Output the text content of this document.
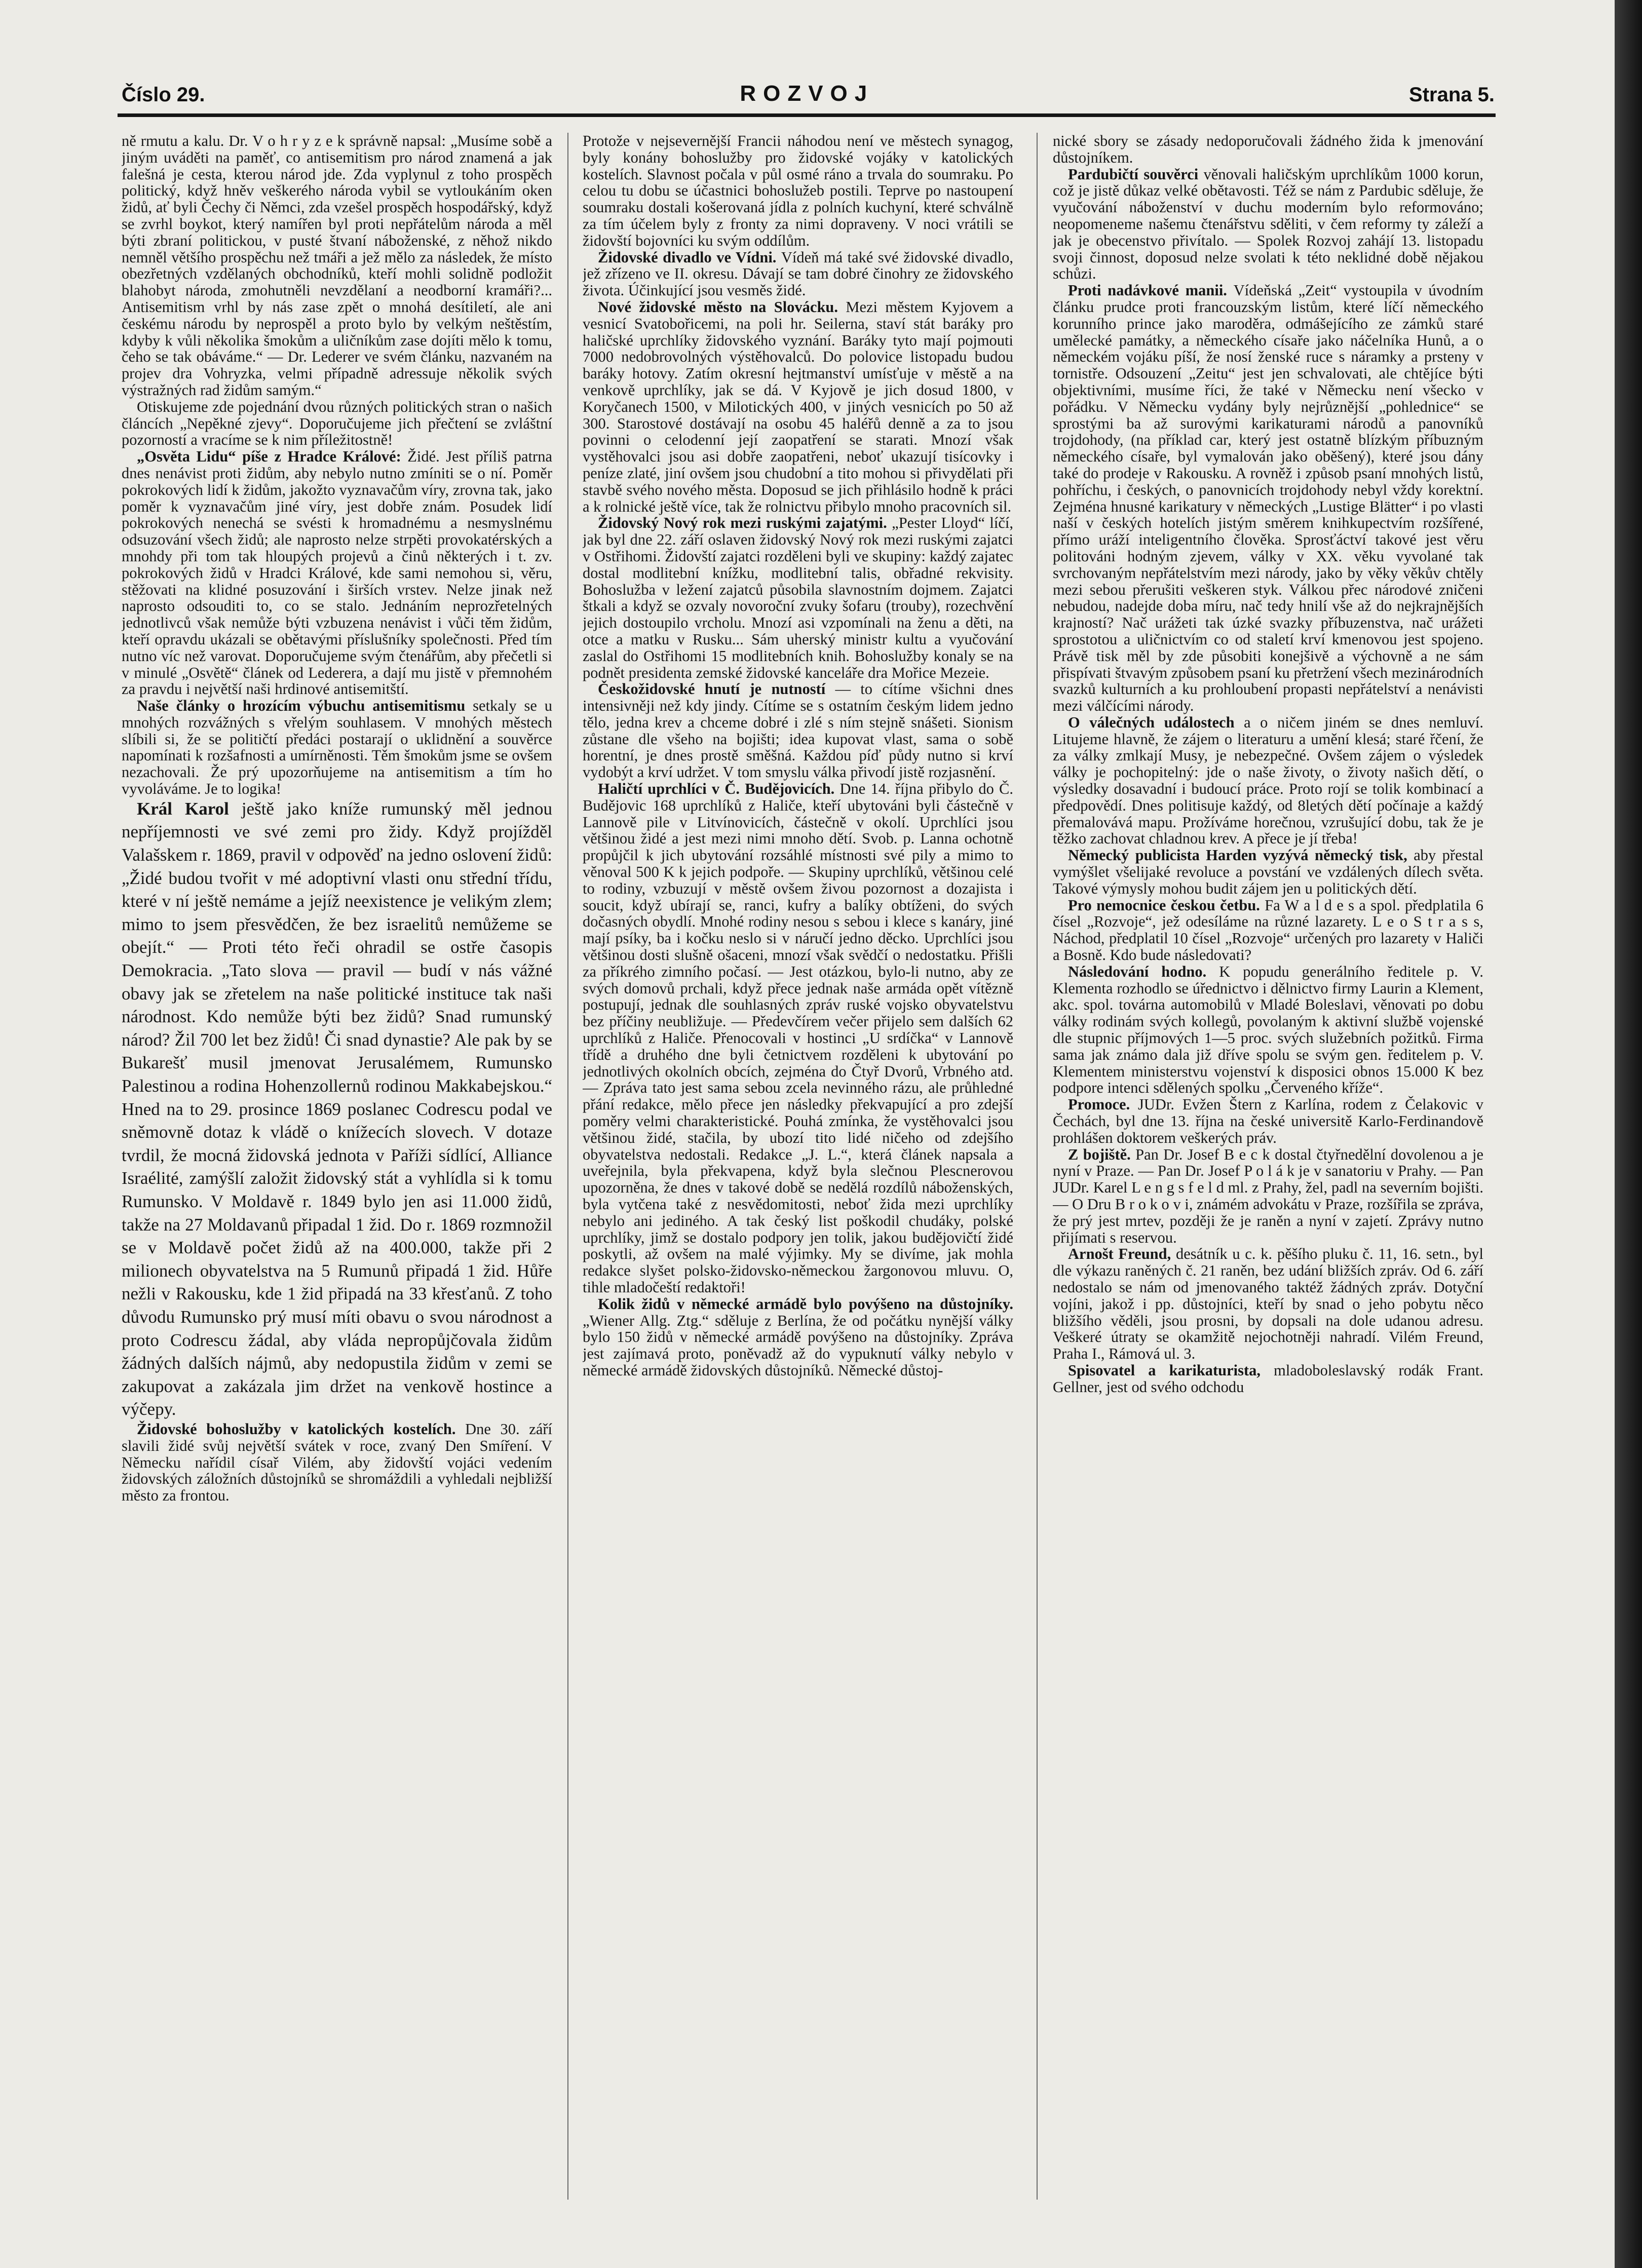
Číslo 29.	ROZVOJ	Strana 5.

ně rmutu a kalu. Dr. V o h r y z e k správně napsal: „Musíme sobě a jiným uváděti na paměť, co antisemitism pro národ znamená a jak falešná je cesta, kterou národ jde. Zda vyplynul z toho prospěch politický, když hněv veškerého národa vybil se vytloukáním oken židů, ať byli Čechy či Němci, zda vzešel prospěch hospodářský, když se zvrhl boykot, který namířen byl proti nepřátelům národa a měl býti zbraní politickou, v pusté štvaní náboženské, z něhož nikdo nemněl většího prospěchu než tmáři a jež mělo za následek, že místo obezřetných vzdělaných obchodníků, kteří mohli solidně podložit blahobyt národa, zmohutněli nevzdělaní a neodborní kramáři?... Antisemitism vrhl by nás zase zpět o mnohá desítiletí, ale ani českému národu by neprospěl a proto bylo by velkým neštěstím, kdyby k vůli několika šmokům a uličníkům zase dojíti mělo k tomu, čeho se tak obáváme.“ — Dr. Lederer ve svém článku, nazvaném na projev dra Vohryzka, velmi případně adressuje několik svých výstražných rad židům samým.“

Otiskujeme zde pojednání dvou různých politických stran o našich článcích „Nepěkné zjevy“. Doporučujeme jich přečtení se zvláštní pozorností a vracíme se k nim příležitostně!

„Osvěta Lidu“ píše z Hradce Králové: Židé. Jest příliš patrna dnes nenávist proti židům, aby nebylo nutno zmíniti se o ní. Poměr pokrokových lidí k židům, jakožto vyznavačům víry, zrovna tak, jako poměr k vyznavačům jiné víry, jest dobře znám. Posudek lidí pokrokových nenechá se svésti k hromadnému a nesmyslnému odsuzování všech židů; ale naprosto nelze strpěti provokatérských a mnohdy při tom tak hloupých projevů a činů některých i t. zv. pokrokových židů v Hradci Králové, kde sami nemohou si, věru, stěžovati na klidné posuzování i širších vrstev. Nelze jinak než naprosto odsouditi to, co se stalo. Jednáním neprozřetelných jednotlivců však nemůže býti vzbuzena nenávist i vůči těm židům, kteří opravdu ukázali se obětavými příslušníky společnosti. Před tím nutno víc než varovat. Doporučujeme svým čtenářům, aby přečetli si v minulé „Osvětě“ článek od Lederera, a dají mu jistě v přemnohém za pravdu i největší naši hrdinové antisemitští.

Naše články o hrozícím výbuchu antisemitismu setkaly se u mnohých rozvážných s vřelým souhlasem. V mnohých městech slíbili si, že se političtí předáci postarají o uklidnění a souvěrce napomínati k rozšafnosti a umírněnosti. Těm šmokům jsme se ovšem nezachovali. Že prý upozorňujeme na antisemitism a tím ho vyvoláváme. Je to logika!

Král Karol ještě jako kníže rumunský měl jednou nepříjemnosti ve své zemi pro židy. Když projížděl Valašskem r. 1869, pravil v odpověď na jedno oslovení židů: „Židé budou tvořit v mé adoptivní vlasti onu střední třídu, které v ní ještě nemáme a jejíž neexistence je velikým zlem; mimo to jsem přesvědčen, že bez israelitů nemůžeme se obejít.“ — Proti této řeči ohradil se ostře časopis Demokracia. „Tato slova — pravil — budí v nás vážné obavy jak se zřetelem na naše politické instituce tak naši národnost. Kdo nemůže býti bez židů? Snad rumunský národ? Žil 700 let bez židů! Či snad dynastie? Ale pak by se Bukarešť musil jmenovat Jerusalémem, Rumunsko Palestinou a rodina Hohenzollernů rodinou Makkabejskou.“ Hned na to 29. prosince 1869 poslanec Codrescu podal ve sněmovně dotaz k vládě o knížecích slovech. V dotaze tvrdil, že mocná židovská jednota v Paříži sídlící, Alliance Israélité, zamýšlí založit židovský stát a vyhlídla si k tomu Rumunsko. V Moldavě r. 1849 bylo jen asi 11.000 židů, takže na 27 Moldavanů připadal 1 žid. Do r. 1869 rozmnožil se v Moldavě počet židů až na 400.000, takže při 2 milionech obyvatelstva na 5 Rumunů připadá 1 žid. Hůře nežli v Rakousku, kde 1 žid připadá na 33 křesťanů. Z toho důvodu Rumunsko prý musí míti obavu o svou národnost a proto Codrescu žádal, aby vláda nepropůjčovala židům žádných dalších nájmů, aby nedopustila židům v zemi se zakupovat a zakázala jim držet na venkově hostince a výčepy.

Židovské bohoslužby v katolických kostelích. Dne 30. září slavili židé svůj největší svátek v roce, zvaný Den Smíření. V Německu nařídil císař Vilém, aby židovští vojáci vedením židovských záložních důstojníků se shromáždili a vyhledali nejbližší město za frontou.

Protože v nejsevernější Francii náhodou není ve městech synagog, byly konány bohoslužby pro židovské vojáky v katolických kostelích. Slavnost počala v půl osmé ráno a trvala do soumraku. Po celou tu dobu se účastnici bohoslužeb postili. Teprve po nastoupení soumraku dostali košerovaná jídla z polních kuchyní, které schválně za tím účelem byly z fronty za nimi dopraveny. V noci vrátili se židovští bojovníci ku svým oddílům.

Židovské divadlo ve Vídni. Vídeň má také své židovské divadlo, jež zřízeno ve II. okresu. Dávají se tam dobré činohry ze židovského života. Účinkující jsou vesměs židé.

Nové židovské město na Slovácku. Mezi městem Kyjovem a vesnicí Svatobořicemi, na poli hr. Seilerna, staví stát baráky pro haličské uprchlíky židovského vyznání. Baráky tyto mají pojmouti 7000 nedobrovolných výstěhovalců. Do polovice listopadu budou baráky hotovy. Zatím okresní hejtmanství umísťuje v městě a na venkově uprchlíky, jak se dá. V Kyjově je jich dosud 1800, v Koryčanech 1500, v Milotických 400, v jiných vesnicích po 50 až 300. Starostové dostávají na osobu 45 haléřů denně a za to jsou povinni o celodenní její zaopatření se starati. Mnozí však vystěhovalci jsou asi dobře zaopatřeni, neboť ukazují tisícovky i peníze zlaté, jiní ovšem jsou chudobní a tito mohou si přivydělati při stavbě svého nového města. Doposud se jich přihlásilo hodně k práci a k rolnické ještě více, tak že rolnictvu přibylo mnoho pracovních sil.

Židovský Nový rok mezi ruskými zajatými. „Pester Lloyd“ líčí, jak byl dne 22. září oslaven židovský Nový rok mezi ruskými zajatci v Ostřihomi. Židovští zajatci rozděleni byli ve skupiny: každý zajatec dostal modlitební knížku, modlitební talis, obřadné rekvisity. Bohoslužba v ležení zajatců působila slavnostním dojmem. Zajatci štkali a když se ozvaly novoroční zvuky šofaru (trouby), rozechvění jejich dostoupilo vrcholu. Mnozí asi vzpomínali na ženu a děti, na otce a matku v Rusku... Sám uherský ministr kultu a vyučování zaslal do Ostřihomi 15 modlitebních knih. Bohoslužby konaly se na podnět presidenta zemské židovské kanceláře dra Mořice Mezeie.

Českožidovské hnutí je nutností — to cítíme všichni dnes intensivněji než kdy jindy. Cítíme se s ostatním českým lidem jedno tělo, jedna krev a chceme dobré i zlé s ním stejně snášeti. Sionism zůstane dle všeho na bojišti; idea kupovat vlast, sama o sobě horentní, je dnes prostě směšná. Každou píď půdy nutno si krví vydobýt a krví udržet. V tom smyslu válka přivodí jistě rozjasnění.

Haličtí uprchlíci v Č. Budějovicích. Dne 14. října přibylo do Č. Budějovic 168 uprchlíků z Haliče, kteří ubytováni byli částečně v Lannově pile v Litvínovicích, částečně v okolí. Uprchlíci jsou většinou židé a jest mezi nimi mnoho dětí. Svob. p. Lanna ochotně propůjčil k jich ubytování rozsáhlé místnosti své pily a mimo to věnoval 500 K k jejich podpoře. — Skupiny uprchlíků, většinou celé to rodiny, vzbuzují v městě ovšem živou pozornost a dozajista i soucit, když ubírají se, ranci, kufry a balíky obtíženi, do svých dočasných obydlí. Mnohé rodiny nesou s sebou i klece s kanáry, jiné mají psíky, ba i kočku neslo si v náručí jedno děcko. Uprchlíci jsou většinou dosti slušně ošaceni, mnozí však svědčí o nedostatku. Přišli za příkrého zimního počasí. — Jest otázkou, bylo-li nutno, aby ze svých domovů prchali, když přece jednak naše armáda opět vítězně postupují, jednak dle souhlasných zpráv ruské vojsko obyvatelstvu bez příčiny neubližuje. — Předevčírem večer přijelo sem dalších 62 uprchlíků z Haliče. Přenocovali v hostinci „U srdíčka“ v Lannově třídě a druhého dne byli četnictvem rozděleni k ubytování po jednotlivých okolních obcích, zejména do Čtyř Dvorů, Vrbného atd. — Zpráva tato jest sama sebou zcela nevinného rázu, ale průhledné přání redakce, mělo přece jen následky překvapující a pro zdejší poměry velmi charakteristické. Pouhá zmínka, že vystěhovalci jsou většinou židé, stačila, by ubozí tito lidé ničeho od zdejšího obyvatelstva nedostali. Redakce „J. L.“, která článek napsala a uveřejnila, byla překvapena, když byla slečnou Plescnerovou upozorněna, že dnes v takové době se nedělá rozdílů náboženských, byla vytčena také z nesvědomitosti, neboť žida mezi uprchlíky nebylo ani jediného. A tak český list poškodil chudáky, polské uprchlíky, jimž se dostalo podpory jen tolik, jakou budějovičtí židé poskytli, až ovšem na malé výjimky. My se divíme, jak mohla redakce slyšet polsko-židovsko-německou žargonovou mluvu. O, tihle mladočeští redaktoři!

Kolik židů v německé armádě bylo povýšeno na důstojníky. „Wiener Allg. Ztg.“ sděluje z Berlína, že od počátku nynější války bylo 150 židů v německé armádě povýšeno na důstojníky. Zpráva jest zajímavá proto, poněvadž až do vypuknutí války nebylo v německé armádě židovských důstojníků. Německé důstoj-

nické sbory se zásady nedoporučovali žádného žida k jmenování důstojníkem.

Pardubičtí souvěrci věnovali haličským uprchlíkům 1000 korun, což je jistě důkaz velké obětavosti. Též se nám z Pardubic sděluje, že vyučování náboženství v duchu moderním bylo reformováno; neopomeneme našemu čtenářstvu sděliti, v čem reformy ty záleží a jak je obecenstvo přivítalo. — Spolek Rozvoj zahájí 13. listopadu svoji činnost, doposud nelze svolati k této neklidné době nějakou schůzi.

Proti nadávkové manii. Vídeňská „Zeit“ vystoupila v úvodním článku prudce proti francouzským listům, které líčí německého korunního prince jako maroděra, odmášejícího ze zámků staré umělecké památky, a německého císaře jako náčelníka Hunů, a o německém vojáku píší, že nosí ženské ruce s náramky a prsteny v tornistře. Odsouzení „Zeitu“ jest jen schvalovati, ale chtějíce býti objektivními, musíme říci, že také v Německu není všecko v pořádku. V Německu vydány byly nejrůznější „pohlednice“ se sprostými ba až surovými karikaturami národů a panovníků trojdohody, (na příklad car, který jest ostatně blízkým příbuzným německého císaře, byl vymalován jako oběšený), které jsou dány také do prodeje v Rakousku. A rovněž i způsob psaní mnohých listů, pohříchu, i českých, o panovnicích trojdohody nebyl vždy korektní. Zejména hnusné karikatury v německých „Lustige Blätter“ i po vlasti naší v českých hotelích jistým směrem knihkupectvím rozšířené, přímo uráží inteligentního člověka. Sprosťáctví takové jest věru politováni hodným zjevem, války v XX. věku vyvolané tak svrchovaným nepřátelstvím mezi národy, jako by věky věkův chtěly mezi sebou přerušiti veškeren styk. Válkou přec národové zničeni nebudou, nadejde doba míru, nač tedy hnilí vše až do nejkrajnějších krajností? Nač urážeti tak úzké svazky příbuzenstva, nač urážeti sprostotou a uličnictvím co od staletí krví kmenovou jest spojeno. Právě tisk měl by zde působiti konejšivě a výchovně a ne sám přispívati štvavým způsobem psaní ku přetržení všech mezinárodních svazků kulturních a ku prohloubení propasti nepřátelství a nenávisti mezi válčícími národy.

O válečných událostech a o ničem jiném se dnes nemluví. Litujeme hlavně, že zájem o literaturu a umění klesá; staré řčení, že za války zmlkají Musy, je nebezpečné. Ovšem zájem o výsledek války je pochopitelný: jde o naše životy, o životy našich dětí, o výsledky dosavadní i budoucí práce. Proto rojí se tolik kombinací a předpovědí. Dnes politisuje každý, od 8letých dětí počínaje a každý přemalovává mapu. Prožíváme horečnou, vzrušující dobu, tak že je těžko zachovat chladnou krev. A přece je jí třeba!

Německý publicista Harden vyzývá německý tisk, aby přestal vymýšlet všelijaké revoluce a povstání ve vzdálených dílech světa. Takové výmysly mohou budit zájem jen u politických dětí.

Pro nemocnice českou četbu. Fa W a l d e s a spol. předplatila 6 čísel „Rozvoje“, jež odesíláme na různé lazarety. L e o S t r a s s, Náchod, předplatil 10 čísel „Rozvoje“ určených pro lazarety v Haliči a Bosně. Kdo bude následovati?

Následování hodno. K popudu generálního ředitele p. V. Klementa rozhodlo se úřednictvo i dělnictvo firmy Laurin a Klement, akc. spol. továrna automobilů v Mladé Boleslavi, věnovati po dobu války rodinám svých kollegů, povolaným k aktivní službě vojenské dle stupnic příjmových 1—5 proc. svých služebních požitků. Firma sama jak známo dala již dříve spolu se svým gen. ředitelem p. V. Klementem ministerstvu vojenství k disposici obnos 15.000 K bez podpore intenci sdělených spolku „Červeného kříže“.

Promoce. JUDr. Evžen Štern z Karlína, rodem z Čelakovic v Čechách, byl dne 13. října na české universitě Karlo-Ferdinandově prohlášen doktorem veškerých práv.

Z bojiště. Pan Dr. Josef B e c k dostal čtyřnedělní dovolenou a je nyní v Praze. — Pan Dr. Josef P o l á k je v sanatoriu v Prahy. — Pan JUDr. Karel L e n g s f e l d ml. z Prahy, žel, padl na severním bojišti. — O Dru B r o k o v i, známém advokátu v Praze, rozšířila se zpráva, že prý jest mrtev, později že je raněn a nyní v zajetí. Zprávy nutno přijímati s reservou.

Arnošt Freund, desátník u c. k. pěšího pluku č. 11, 16. setn., byl dle výkazu raněných č. 21 raněn, bez udání bližších zpráv. Od 6. září nedostalo se nám od jmenovaného taktéž žádných zpráv. Dotyční vojíni, jakož i pp. důstojníci, kteří by snad o jeho pobytu něco bližšího věděli, jsou prosni, by dopsali na dole udanou adresu. Veškeré útraty se okamžitě nejochotněji nahradí. Vilém Freund, Praha I., Rámová ul. 3.

Spisovatel a karikaturista, mladoboleslavský rodák Frant. Gellner, jest od svého odchodu
